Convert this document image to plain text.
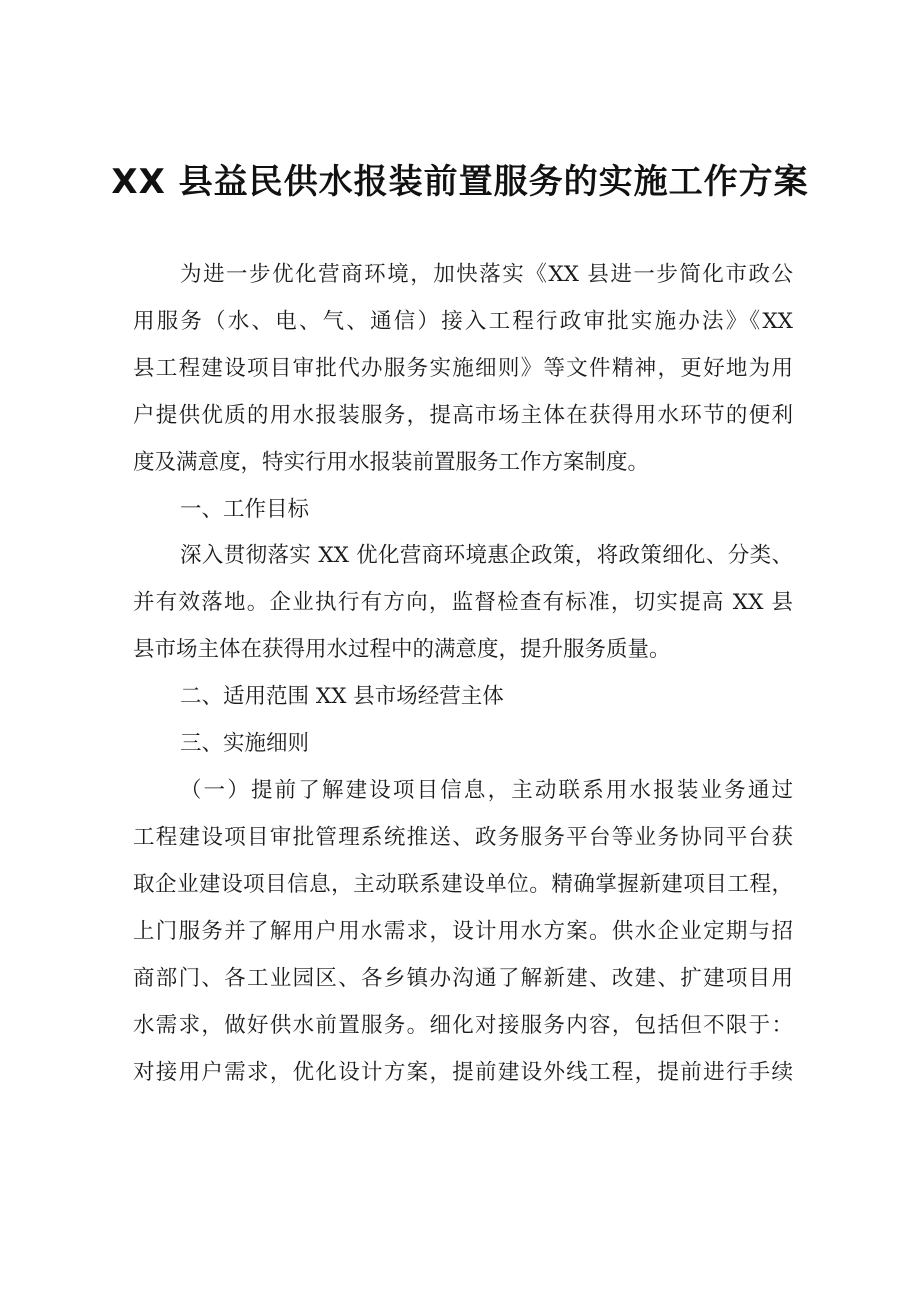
XX 县益民供水报装前置服务的实施工作方案
为进一步优化营商环境，加快落实《XX 县进一步简化市政公
用服务（水、电、气、通信）接入工程行政审批实施办法》《XX
县工程建设项目审批代办服务实施细则》等文件精神，更好地为用
户提供优质的用水报装服务，提高市场主体在获得用水环节的便利
度及满意度，特实行用水报装前置服务工作方案制度。
一、工作目标
深入贯彻落实 XX 优化营商环境惠企政策，将政策细化、分类、
并有效落地。企业执行有方向，监督检查有标准，切实提高 XX 县
县市场主体在获得用水过程中的满意度，提升服务质量。
二、适用范围 XX 县市场经营主体
三、实施细则
（一）提前了解建设项目信息，主动联系用水报装业务通过
工程建设项目审批管理系统推送、政务服务平台等业务协同平台获
取企业建设项目信息，主动联系建设单位。精确掌握新建项目工程，
上门服务并了解用户用水需求，设计用水方案。供水企业定期与招
商部门、各工业园区、各乡镇办沟通了解新建、改建、扩建项目用
水需求，做好供水前置服务。细化对接服务内容，包括但不限于：
对接用户需求，优化设计方案，提前建设外线工程，提前进行手续
